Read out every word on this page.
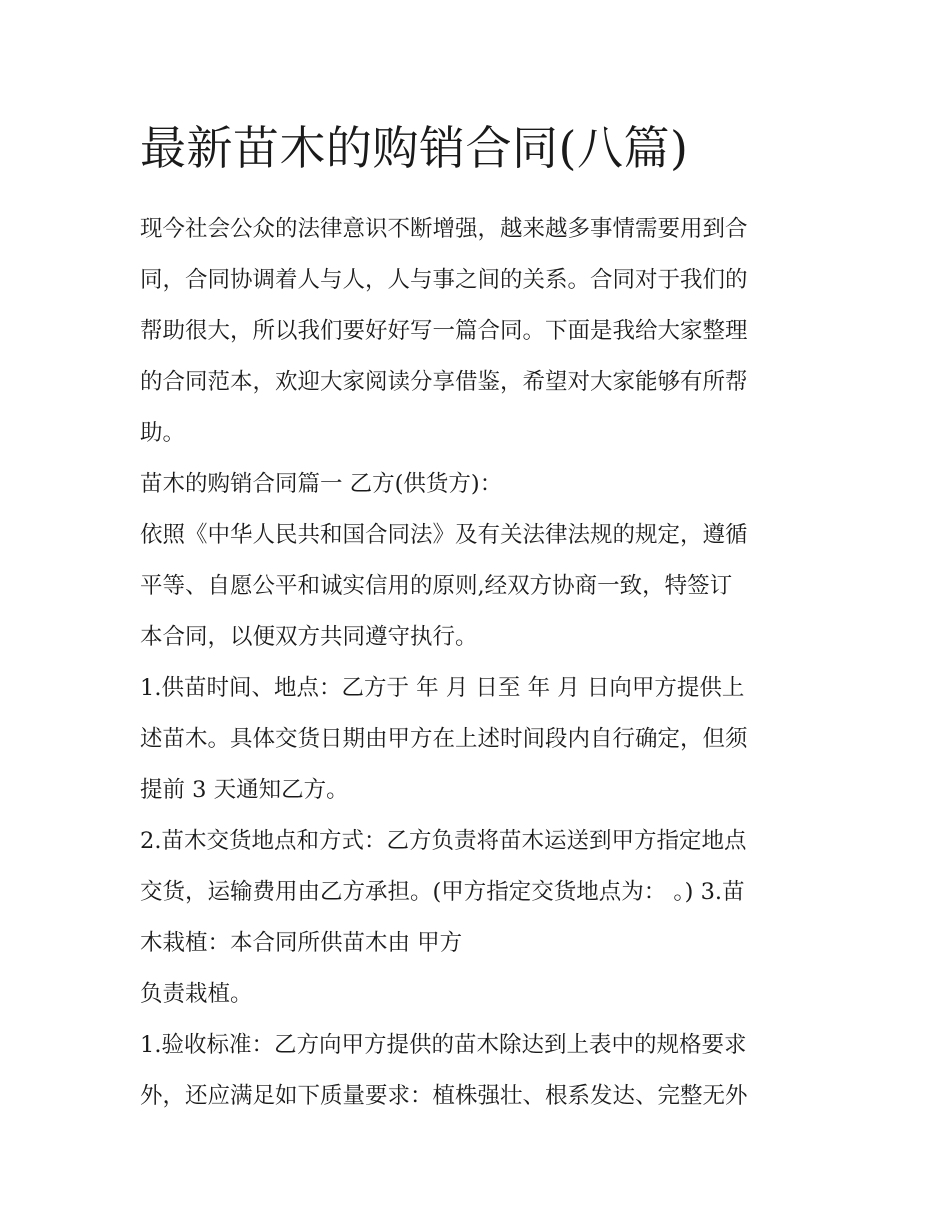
最新苗木的购销合同(八篇)
现今社会公众的法律意识不断增强，越来越多事情需要用到合
同，合同协调着人与人，人与事之间的关系。合同对于我们的
帮助很大，所以我们要好好写一篇合同。下面是我给大家整理
的合同范本，欢迎大家阅读分享借鉴，希望对大家能够有所帮
助。
苗木的购销合同篇一 乙方(供货方)：
依照《中华人民共和国合同法》及有关法律法规的规定，遵循
平等、自愿公平和诚实信用的原则,经双方协商一致，特签订
本合同，以便双方共同遵守执行。
1.供苗时间、地点：乙方于 年 月 日至 年 月 日向甲方提供上
述苗木。具体交货日期由甲方在上述时间段内自行确定，但须
提前 3 天通知乙方。
2.苗木交货地点和方式：乙方负责将苗木运送到甲方指定地点
交货，运输费用由乙方承担。(甲方指定交货地点为： 。) 3.苗
木栽植：本合同所供苗木由 甲方
负责栽植。
1.验收标准：乙方向甲方提供的苗木除达到上表中的规格要求
外，还应满足如下质量要求：植株强壮、根系发达、完整无外
